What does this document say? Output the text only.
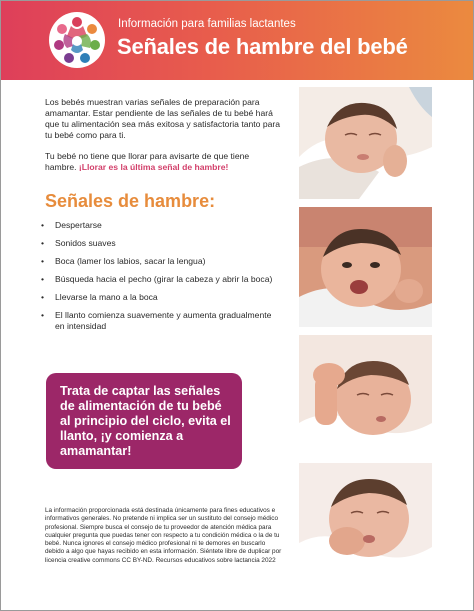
Información para familias lactantes
Señales de hambre del bebé

Los bebés muestran varias señales de preparación para amamantar. Estar pendiente de las señales de tu bebé hará que tu alimentación sea más exitosa y satisfactoria tanto para tu bebé como para ti.

Tu bebé no tiene que llorar para avisarte de que tiene hambre. ¡Llorar es la última señal de hambre!

Señales de hambre:
• Despertarse
• Sonidos suaves
• Boca (lamer los labios, sacar la lengua)
• Búsqueda hacia el pecho (girar la cabeza y abrir la boca)
• Llevarse la mano a la boca
• El llanto comienza suavemente y aumenta gradualmente en intensidad
Trata de captar las señales de alimentación de tu bebé al principio del ciclo, evita el llanto, ¡y comienza a amamantar!
La información proporcionada está destinada únicamente para fines educativos e informativos generales. No pretende ni implica ser un sustituto del consejo médico profesional. Siempre busca el consejo de tu proveedor de atención médica para cualquier pregunta que puedas tener con respecto a tu condición médica o la de tu bebé. Nunca ignores el consejo médico profesional ni te demores en buscarlo debido a algo que hayas recibido en esta información. Siéntete libre de duplicar por licencia creative commons CC BY-ND. Recursos educativos sobre lactancia 2022
